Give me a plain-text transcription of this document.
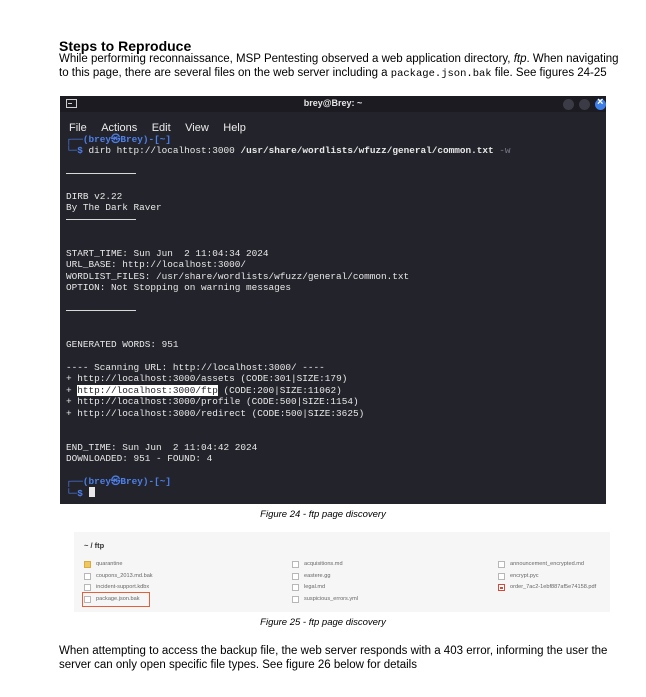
Steps to Reproduce
While performing reconnaissance, MSP Pentesting observed a web application directory, ftp. When navigating to this page, there are several files on the web server including a package.json.bak file. See figures 24-25
brey@Brey: ~
×
File Actions Edit View Help
┌──(brey㉿Brey)-[~]
└─$ dirb http://localhost:3000 /usr/share/wordlists/wfuzz/general/common.txt -w

DIRB v2.22
By The Dark Raver

START_TIME: Sun Jun  2 11:04:34 2024
URL_BASE: http://localhost:3000/
WORDLIST_FILES: /usr/share/wordlists/wfuzz/general/common.txt
OPTION: Not Stopping on warning messages

GENERATED WORDS: 951

---- Scanning URL: http://localhost:3000/ ----
+ http://localhost:3000/assets (CODE:301|SIZE:179)
+ http://localhost:3000/ftp (CODE:200|SIZE:11062)
+ http://localhost:3000/profile (CODE:500|SIZE:1154)
+ http://localhost:3000/redirect (CODE:500|SIZE:3625)

END_TIME: Sun Jun  2 11:04:42 2024
DOWNLOADED: 951 - FOUND: 4

┌──(brey㉿Brey)-[~]
└─$
Figure 24 - ftp page discovery
~ / ftp
quarantine
coupons_2013.md.bak
incident-support.kdbx
package.json.bak
acquisitions.md
eastere.gg
legal.md
suspicious_errors.yml
announcement_encrypted.md
encrypt.pyc
order_7ac2-1ebf887af5e74158.pdf
Figure 25 - ftp page discovery
When attempting to access the backup file, the web server responds with a 403 error, informing the user the server can only open specific file types. See figure 26 below for details
